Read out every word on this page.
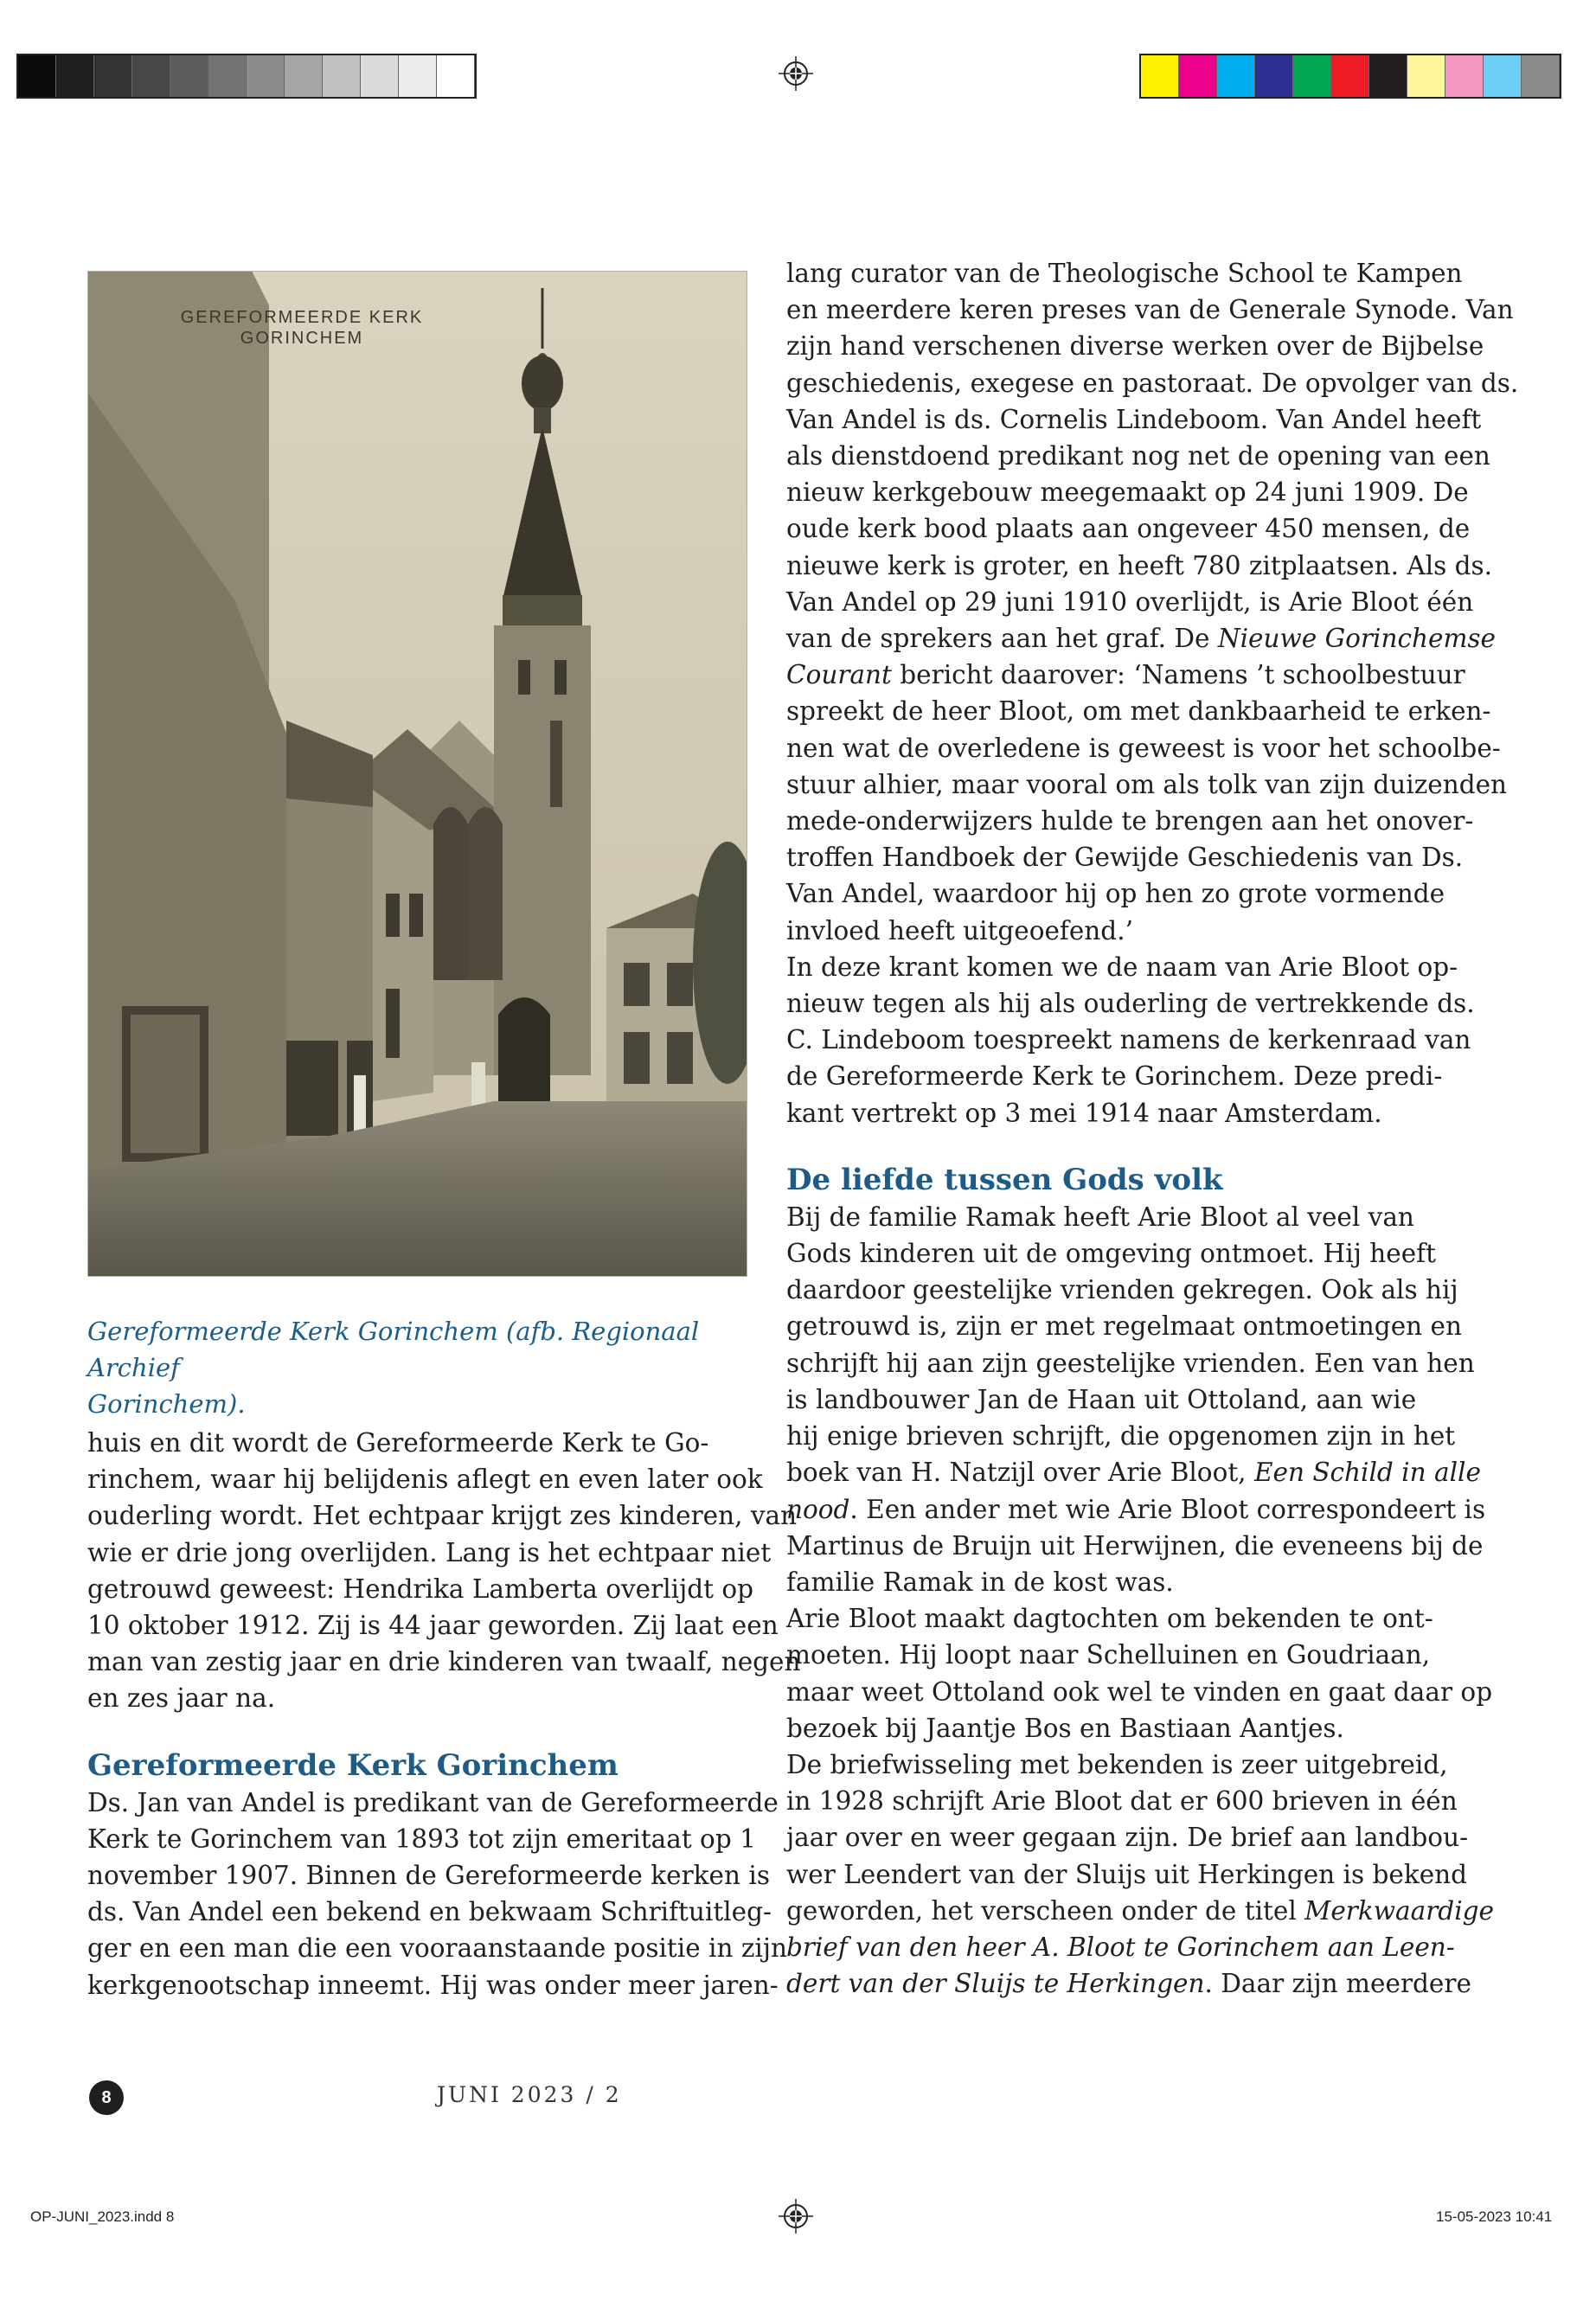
GEREFORMEERDE KERK
GORINCHEM
Gereformeerde Kerk Gorinchem (afb. Regionaal Archief
Gorinchem).

huis en dit wordt de Gereformeerde Kerk te Go-
rinchem, waar hij belijdenis aflegt en even later ook
ouderling wordt. Het echtpaar krijgt zes kinderen, van
wie er drie jong overlijden. Lang is het echtpaar niet
getrouwd geweest: Hendrika Lamberta overlijdt op
10 oktober 1912. Zij is 44 jaar geworden. Zij laat een
man van zestig jaar en drie kinderen van twaalf, negen
en zes jaar na.

Gereformeerde Kerk Gorinchem

Ds. Jan van Andel is predikant van de Gereformeerde
Kerk te Gorinchem van 1893 tot zijn emeritaat op 1
november 1907. Binnen de Gereformeerde kerken is
ds. Van Andel een bekend en bekwaam Schriftuitleg-
ger en een man die een vooraanstaande positie in zijn
kerkgenootschap inneemt. Hij was onder meer jaren-

lang curator van de Theologische School te Kampen
en meerdere keren preses van de Generale Synode. Van
zijn hand verschenen diverse werken over de Bijbelse
geschiedenis, exegese en pastoraat. De opvolger van ds.
Van Andel is ds. Cornelis Lindeboom. Van Andel heeft
als dienstdoend predikant nog net de opening van een
nieuw kerkgebouw meegemaakt op 24 juni 1909. De
oude kerk bood plaats aan ongeveer 450 mensen, de
nieuwe kerk is groter, en heeft 780 zitplaatsen. Als ds.
Van Andel op 29 juni 1910 overlijdt, is Arie Bloot één
van de sprekers aan het graf. De Nieuwe Gorinchemse
Courant bericht daarover: ‘Namens ’t schoolbestuur
spreekt de heer Bloot, om met dankbaarheid te erken-
nen wat de overledene is geweest is voor het schoolbe-
stuur alhier, maar vooral om als tolk van zijn duizenden
mede-onderwijzers hulde te brengen aan het onover-
troffen Handboek der Gewijde Geschiedenis van Ds.
Van Andel, waardoor hij op hen zo grote vormende
invloed heeft uitgeoefend.’

In deze krant komen we de naam van Arie Bloot op-
nieuw tegen als hij als ouderling de vertrekkende ds.
C. Lindeboom toespreekt namens de kerkenraad van
de Gereformeerde Kerk te Gorinchem. Deze predi-
kant vertrekt op 3 mei 1914 naar Amsterdam.

De liefde tussen Gods volk

Bij de familie Ramak heeft Arie Bloot al veel van
Gods kinderen uit de omgeving ontmoet. Hij heeft
daardoor geestelijke vrienden gekregen. Ook als hij
getrouwd is, zijn er met regelmaat ontmoetingen en
schrijft hij aan zijn geestelijke vrienden. Een van hen
is landbouwer Jan de Haan uit Ottoland, aan wie
hij enige brieven schrijft, die opgenomen zijn in het
boek van H. Natzijl over Arie Bloot, Een Schild in alle
nood. Een ander met wie Arie Bloot correspondeert is
Martinus de Bruijn uit Herwijnen, die eveneens bij de
familie Ramak in de kost was.

Arie Bloot maakt dagtochten om bekenden te ont-
moeten. Hij loopt naar Schelluinen en Goudriaan,
maar weet Ottoland ook wel te vinden en gaat daar op
bezoek bij Jaantje Bos en Bastiaan Aantjes.

De briefwisseling met bekenden is zeer uitgebreid,
in 1928 schrijft Arie Bloot dat er 600 brieven in één
jaar over en weer gegaan zijn. De brief aan landbou-
wer Leendert van der Sluijs uit Herkingen is bekend
geworden, het verscheen onder de titel Merkwaardige
brief van den heer A. Bloot te Gorinchem aan Leen-
dert van der Sluijs te Herkingen. Daar zijn meerdere

8	JUNI 2023 / 2
OP-JUNI_2023.indd 8	15-05-2023 10:41
